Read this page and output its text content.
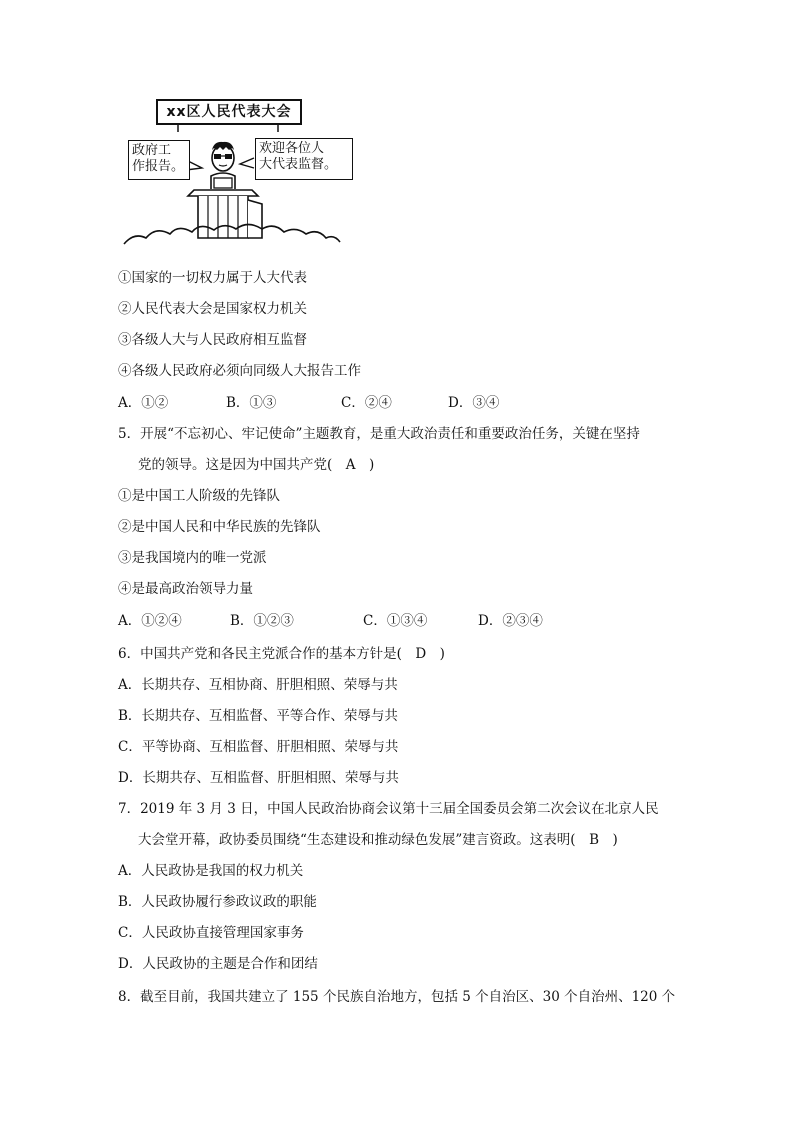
xx区人民代表大会
政府工
作报告。
欢迎各位人
大代表监督。
①国家的一切权力属于人大代表
②人民代表大会是国家权力机关
③各级人大与人民政府相互监督
④各级人民政府必须向同级人大报告工作
A．①②	B．①③	C．②④	D．③④
5．开展“不忘初心、牢记使命”主题教育，是重大政治责任和重要政治任务，关键在坚持
党的领导。这是因为中国共产党(　A　)
①是中国工人阶级的先锋队
②是中国人民和中华民族的先锋队
③是我国境内的唯一党派
④是最高政治领导力量
A．①②④	B．①②③	C．①③④	D．②③④
6．中国共产党和各民主党派合作的基本方针是(　D　)
A．长期共存、互相协商、肝胆相照、荣辱与共
B．长期共存、互相监督、平等合作、荣辱与共
C．平等协商、互相监督、肝胆相照、荣辱与共
D．长期共存、互相监督、肝胆相照、荣辱与共
7．2019 年 3 月 3 日，中国人民政治协商会议第十三届全国委员会第二次会议在北京人民
大会堂开幕，政协委员围绕“生态建设和推动绿色发展”建言资政。这表明(　B　)
A．人民政协是我国的权力机关
B．人民政协履行参政议政的职能
C．人民政协直接管理国家事务
D．人民政协的主题是合作和团结
8．截至目前，我国共建立了 155 个民族自治地方，包括 5 个自治区、30 个自治州、120 个
